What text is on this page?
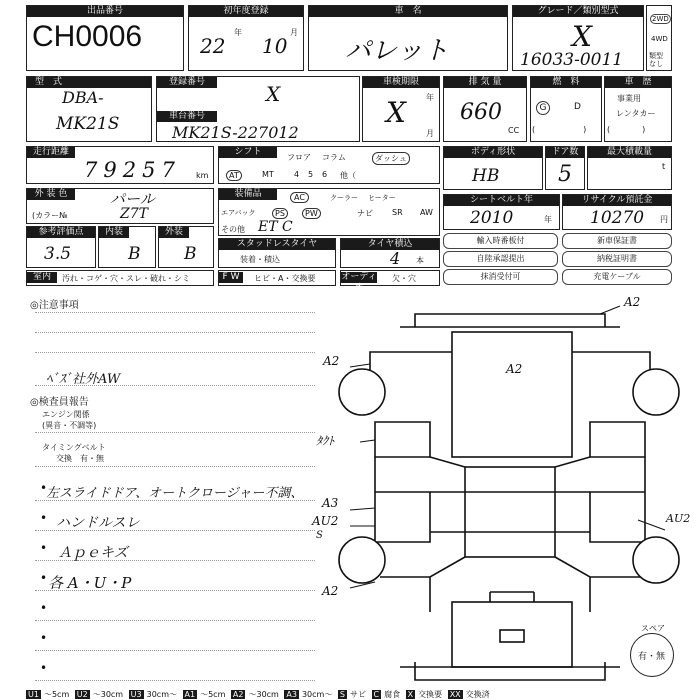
出品番号
CH0006
初年度登録
22
年
10
月
車　名
パレット
グレード／類別型式
X
16033-0011
2WD
4WD
類型なし
型　式
DBA-
MK21S
登録番号	X
車台番号
MK21S-227012
車検期限
X	年
月
排 気 量
660
CC
燃　料
G	D
(　　　　　　)
車　歴
事業用
レンタカー
(　　　　)
走行距離
79257 km
シフト
フロア コラム	ダッシュ
AT	MT	4 5 6 他（
ボディ形状
HB
ドア数
5
最大積載量
t
外 装 色	パール
(カラー№	Z7T
装備品	AC	クーラー ヒーター
エアバック	PS	PW	ナビ SR AW
その他 ET C
シートベルト年
2010	年
リサイクル預託金
10270 円
参考評価点
3.5
内装
B
外装
B	スタッドレスタイヤ
装着・積込
タイヤ積込
4 本
輸入時番板付	新車保証書
自陸承認提出	納税証明書
抹消受付可	充電ケーブル
室内	汚れ・コゲ・穴・スレ・破れ・シミ	F W	ヒビ・A・交換要	オーディオ
欠・穴
◎注意事項
ﾍﾞｽﾞ社外AW
◎検査員報告
エンジン関係
(異音・不調等)
タイミングベルト
交換　有・無
•
•
•
•
•
•
•
左スライドドア、オートクロージャー不調、
ハンドルスレ
Ａｐｅキズ
各 A・U・P
A2
A2
A2
ﾀｸﾄ
A3
AU2
S
AU2
A2
スペア
有・無
U1 〜5cm U2 〜30cm U3 30cm〜 A1 〜5cm A2 〜30cm A3 30cm〜 S サビ C 腐食 X 交換要 XX 交換済
